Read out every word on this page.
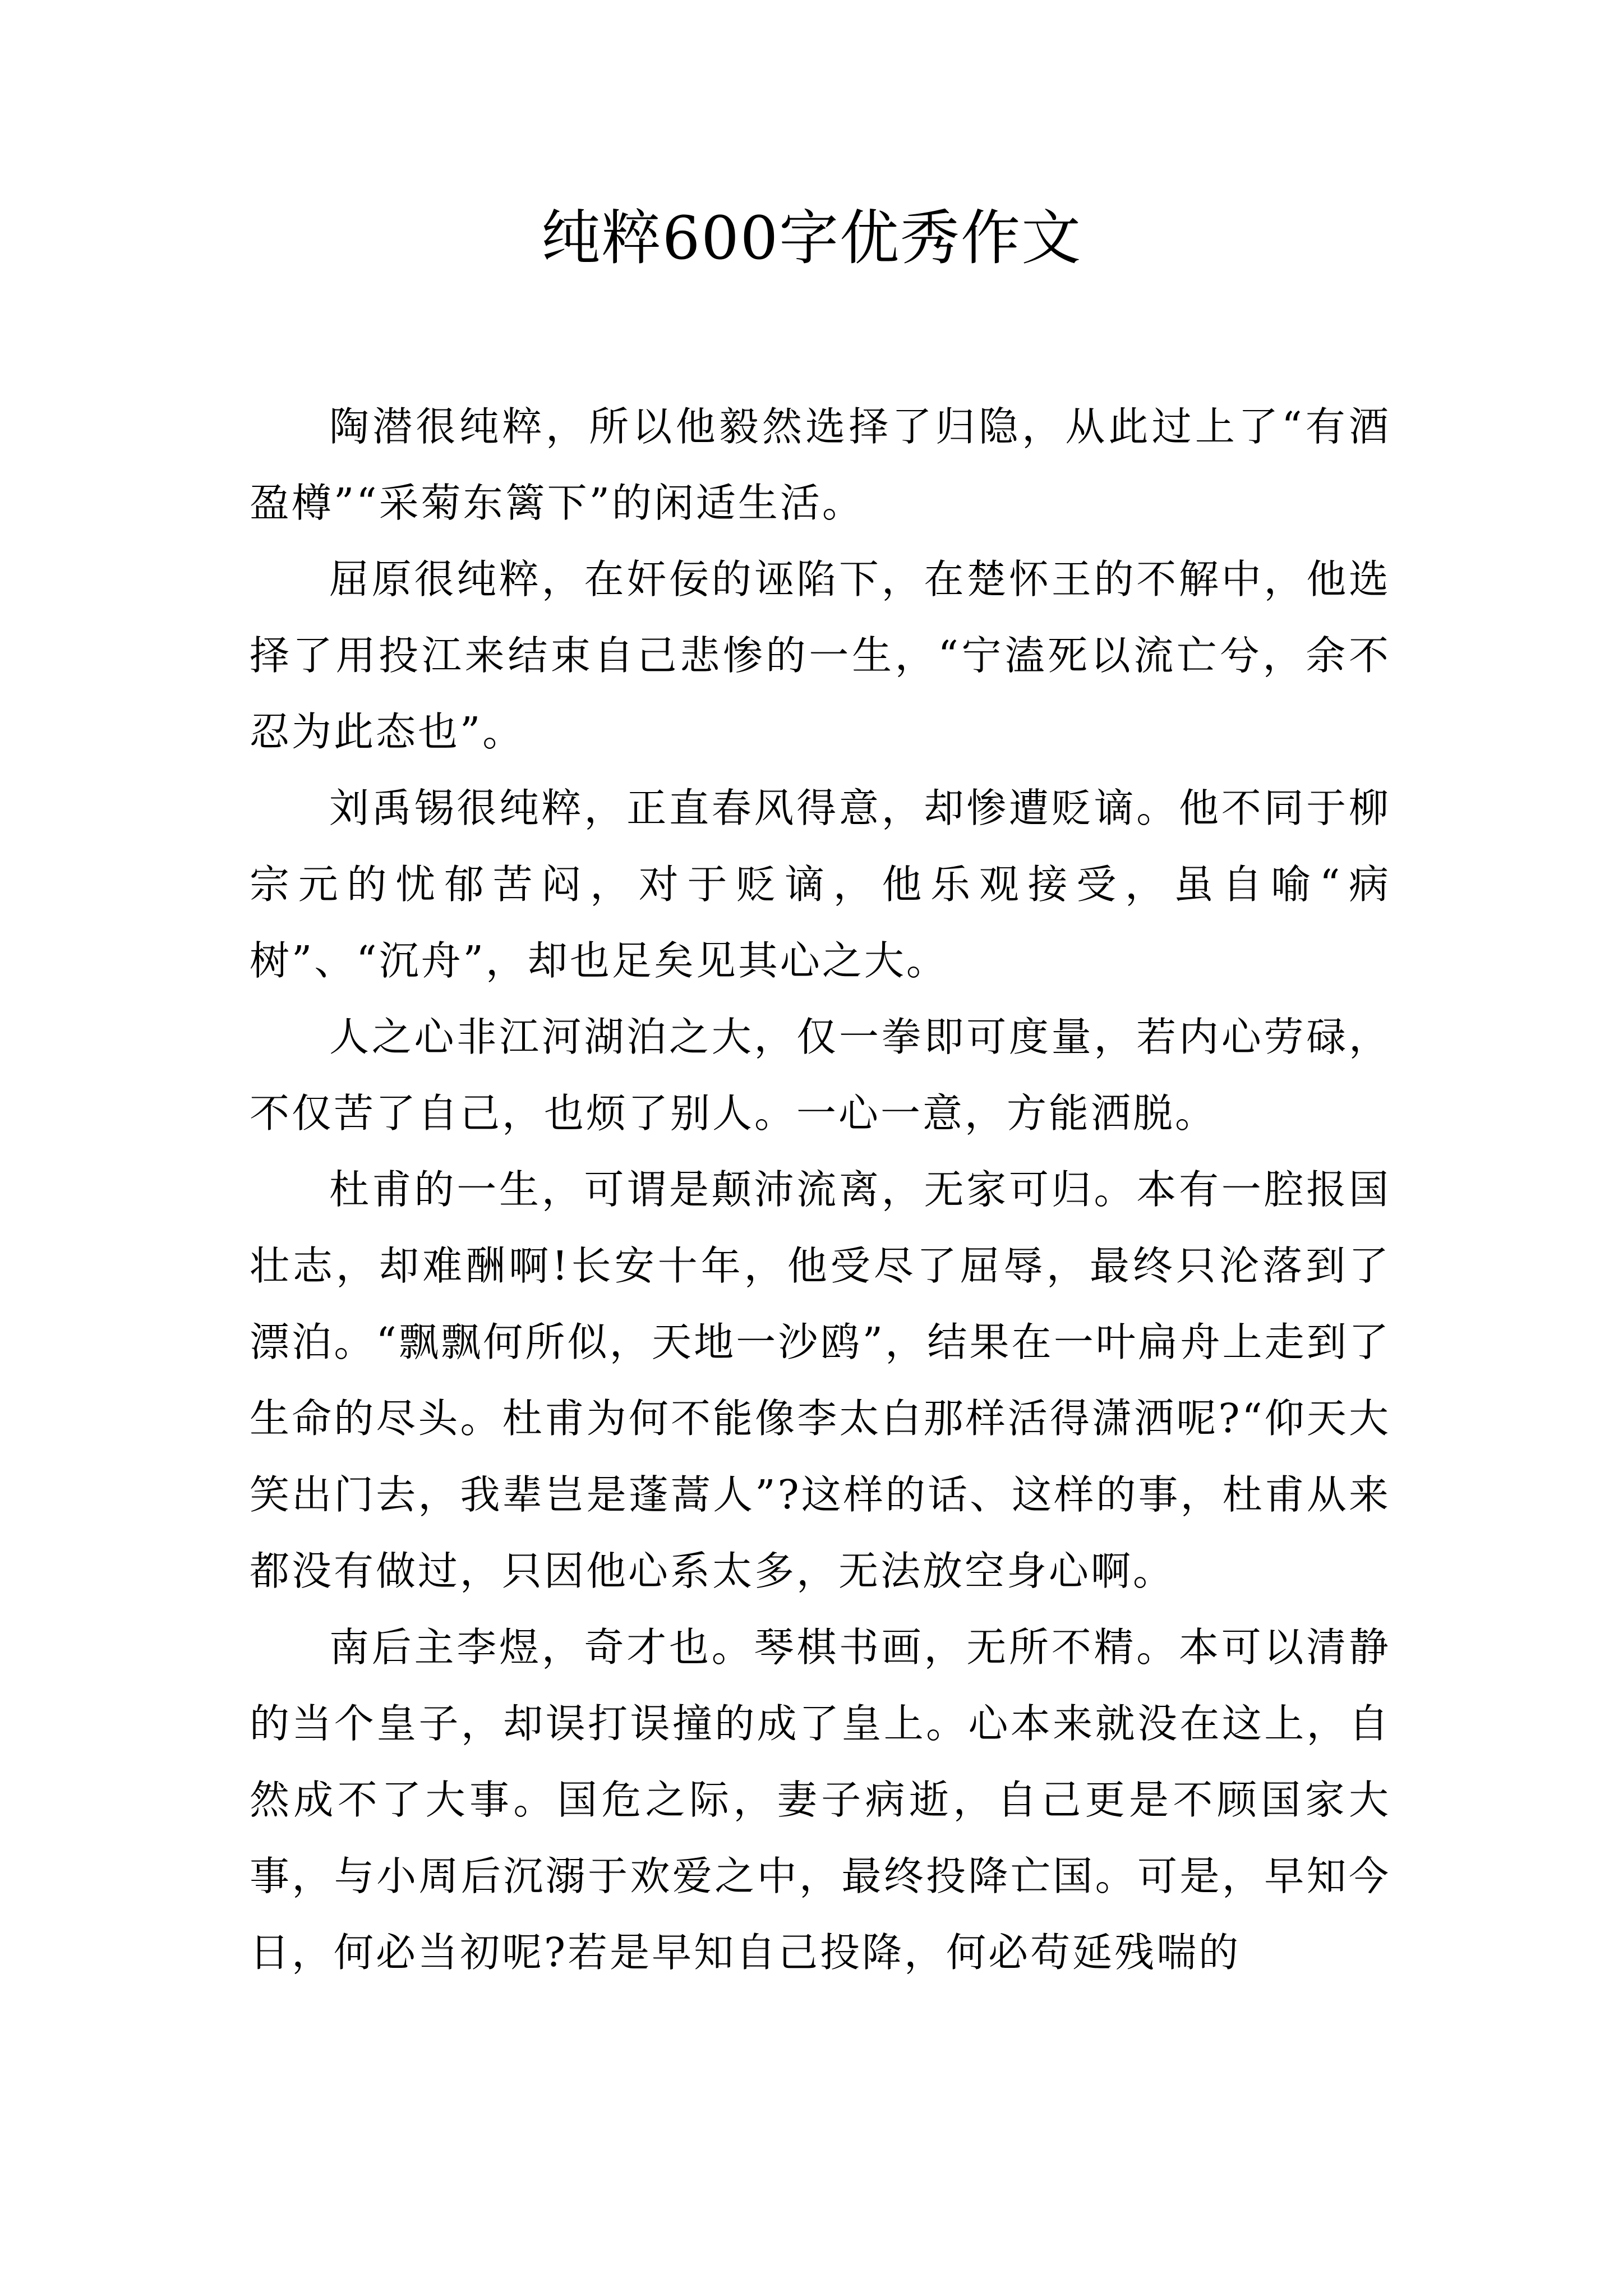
纯粹600字优秀作文

陶潜很纯粹，所以他毅然选择了归隐，从此过上了“有酒盈樽”“采菊东篱下”的闲适生活。

屈原很纯粹，在奸佞的诬陷下，在楚怀王的不解中，他选择了用投江来结束自己悲惨的一生，“宁溘死以流亡兮，余不忍为此态也”。

刘禹锡很纯粹，正直春风得意，却惨遭贬谪。他不同于柳宗元的忧郁苦闷，对于贬谪，他乐观接受，虽自喻“病树”、“沉舟”，却也足矣见其心之大。

人之心非江河湖泊之大，仅一拳即可度量，若内心劳碌，不仅苦了自己，也烦了别人。一心一意，方能洒脱。

杜甫的一生，可谓是颠沛流离，无家可归。本有一腔报国壮志，却难酬啊!长安十年，他受尽了屈辱，最终只沦落到了漂泊。“飘飘何所似，天地一沙鸥”，结果在一叶扁舟上走到了生命的尽头。杜甫为何不能像李太白那样活得潇洒呢?“仰天大笑出门去，我辈岂是蓬蒿人”?这样的话、这样的事，杜甫从来都没有做过，只因他心系太多，无法放空身心啊。

南后主李煜，奇才也。琴棋书画，无所不精。本可以清静的当个皇子，却误打误撞的成了皇上。心本来就没在这上，自然成不了大事。国危之际，妻子病逝，自己更是不顾国家大事，与小周后沉溺于欢爱之中，最终投降亡国。可是，早知今日，何必当初呢?若是早知自己投降，何必苟延残喘的
